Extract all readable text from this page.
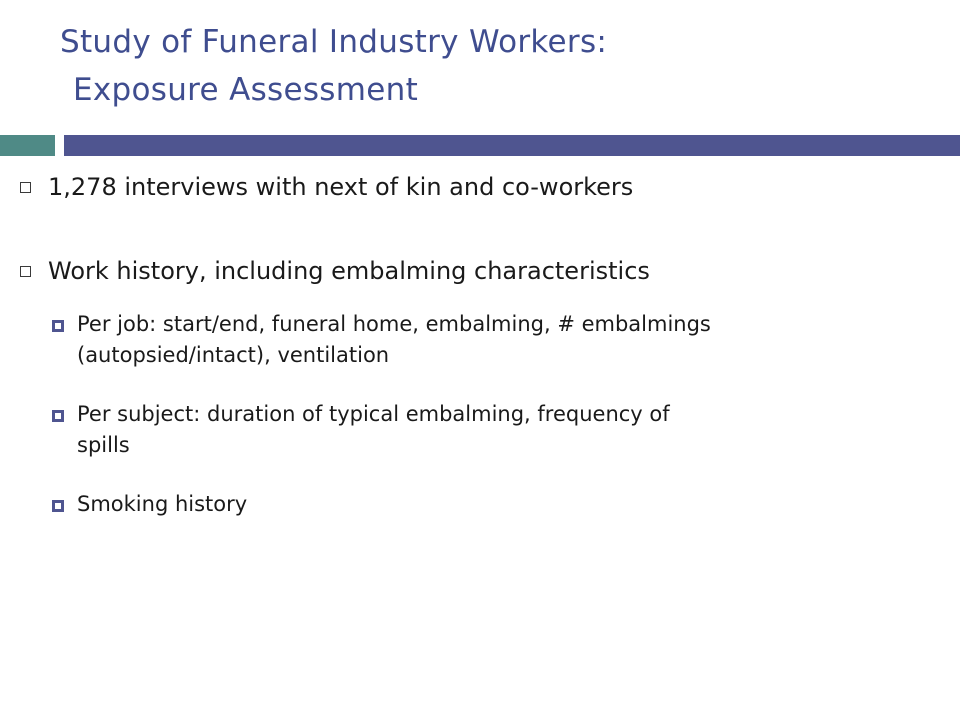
Study of Funeral Industry Workers:
Exposure Assessment
1,278 interviews with next of kin and co-workers
Work history, including embalming characteristics
Per job: start/end, funeral home, embalming, # embalmings
(autopsied/intact), ventilation
Per subject: duration of typical embalming, frequency of
spills
Smoking history
